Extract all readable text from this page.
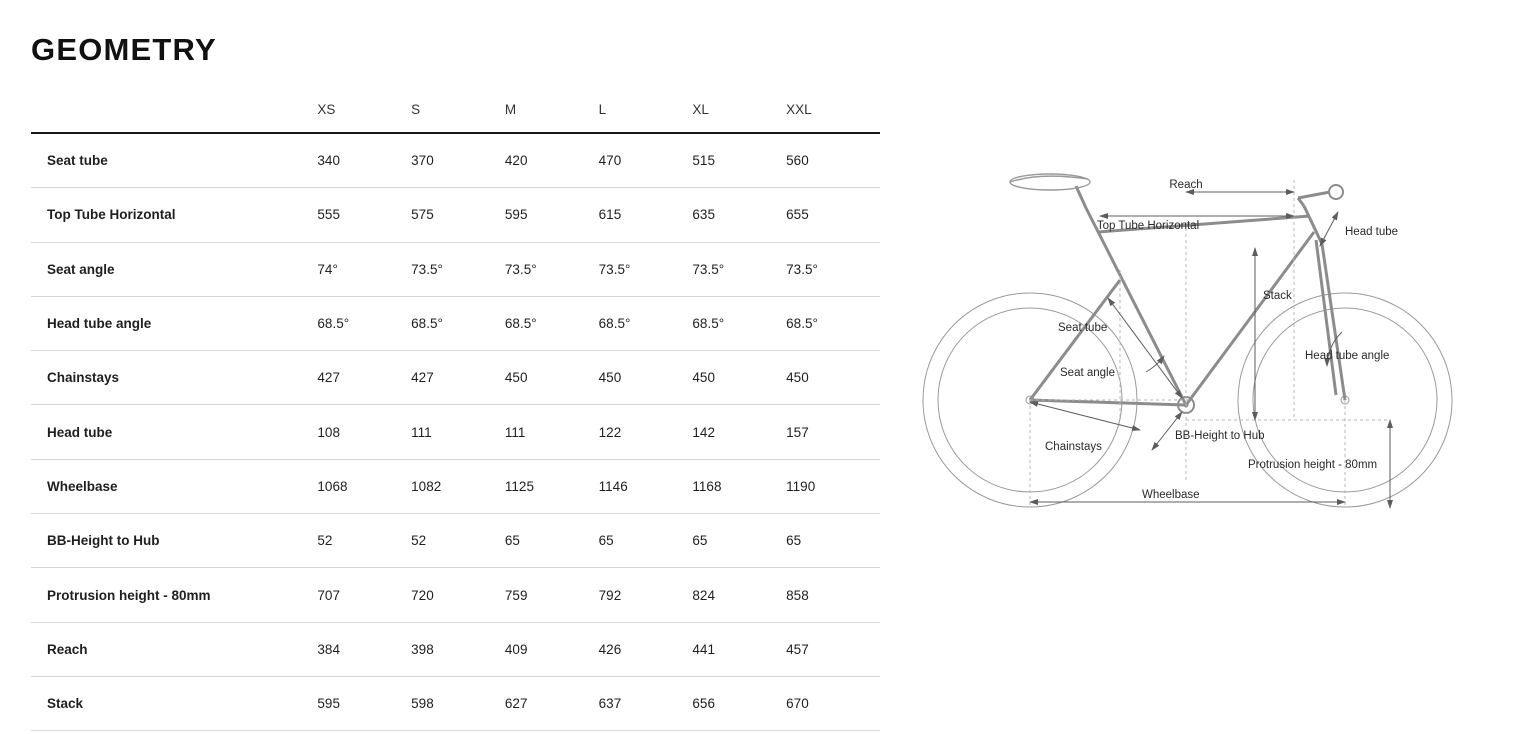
GEOMETRY
	XS	S	M	L	XL	XXL
Seat tube	340	370	420	470	515	560
Top Tube Horizontal	555	575	595	615	635	655
Seat angle	74°	73.5°	73.5°	73.5°	73.5°	73.5°
Head tube angle	68.5°	68.5°	68.5°	68.5°	68.5°	68.5°
Chainstays	427	427	450	450	450	450
Head tube	108	111	111	122	142	157
Wheelbase	1068	1082	1125	1146	1168	1190
BB-Height to Hub	52	52	65	65	65	65
Protrusion height - 80mm	707	720	759	792	824	858
Reach	384	398	409	426	441	457
Stack	595	598	627	637	656	670
Reach
Top Tube Horizontal	Head tube
Stack
Seat tube
Seat angle
Head tube angle
BB-Height to Hub
Chainstays
Protrusion height - 80mm
Wheelbase
